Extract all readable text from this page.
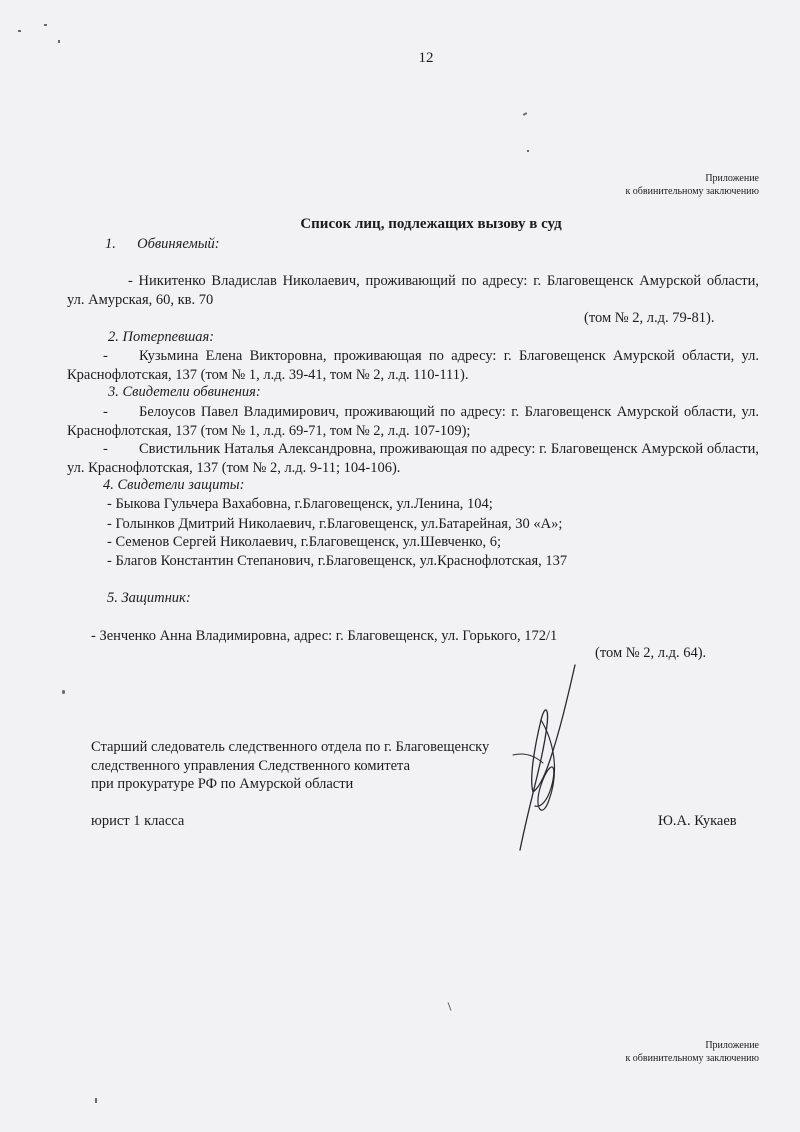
12
Приложение
к обвинительному заключению
Список лиц, подлежащих вызову в суд
1. Обвиняемый:
- Никитенко Владислав Николаевич, проживающий по адресу: г. Благовещенск Амурской области, ул. Амурская, 60, кв. 70
(том № 2, л.д. 79-81).
2. Потерпевшая:
- Кузьмина Елена Викторовна, проживающая по адресу: г. Благовещенск Амурской области, ул. Краснофлотская, 137 (том № 1, л.д. 39-41, том № 2, л.д. 110-111).
3. Свидетели обвинения:
- Белоусов Павел Владимирович, проживающий по адресу: г. Благовещенск Амурской области, ул. Краснофлотская, 137 (том № 1, л.д. 69-71, том № 2, л.д. 107-109);
- Свистильник Наталья Александровна, проживающая по адресу: г. Благовещенск Амурской области, ул. Краснофлотская, 137 (том № 2, л.д. 9-11; 104-106).
4. Свидетели защиты:
- Быкова Гульчера Вахабовна, г.Благовещенск, ул.Ленина, 104;
- Голынков Дмитрий Николаевич, г.Благовещенск, ул.Батарейная, 30 «А»;
- Семенов Сергей Николаевич, г.Благовещенск, ул.Шевченко, 6;
- Благов Константин Степанович, г.Благовещенск, ул.Краснофлотская, 137
5. Защитник:
- Зенченко Анна Владимировна, адрес: г. Благовещенск, ул. Горького, 172/1
(том № 2, л.д. 64).
Старший следователь следственного отдела по г. Благовещенску
следственного управления Следственного комитета
при прокуратуре РФ по Амурской области
юрист 1 класса	Ю.А. Кукаев
Приложение
к обвинительному заключению
